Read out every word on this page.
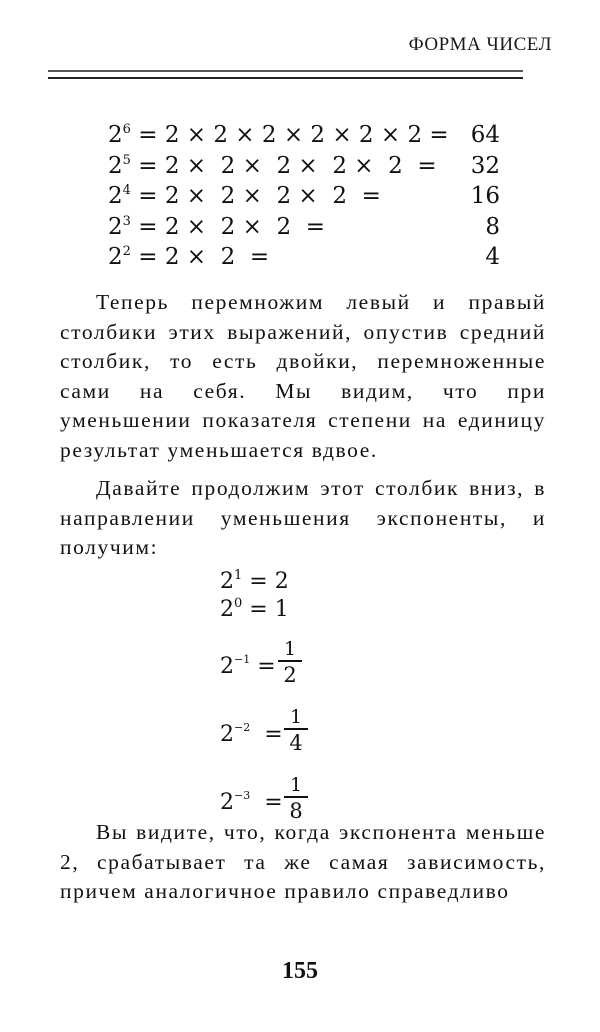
ФОРМА ЧИСЕЛ
$2^6 = 2 \times 2 \times 2 \times 2 \times 2 \times 2 = 64$
$2^5 = 2 \times 2 \times 2 \times 2 \times 2 = 32$
$2^4 = 2 \times 2 \times 2 \times 2$  =	16
$2^3 = 2 \times 2 \times 2$  =	8
$2^2 = 2 \times 2$  =	4

Теперь перемножим левый и правый столбики этих выражений, опустив средний столбик, то есть двойки, перемноженные сами на себя. Мы видим, что при уменьшении показателя степени на единицу результат уменьшается вдвое.

Давайте продолжим этот столбик вниз, в направлении уменьшения экспоненты, и получим:

$2^1 = 2$
$2^0 = 1$
$2^{-1}$ =
$\frac{1}{2}$
$2^{-2}$  =
$\frac{1}{4}$
$2^{-3}$  =
$\frac{1}{8}$

Вы видите, что, когда экспонента меньше 2, срабатывает та же самая зависимость, причем аналогичное правило справедливо

155
